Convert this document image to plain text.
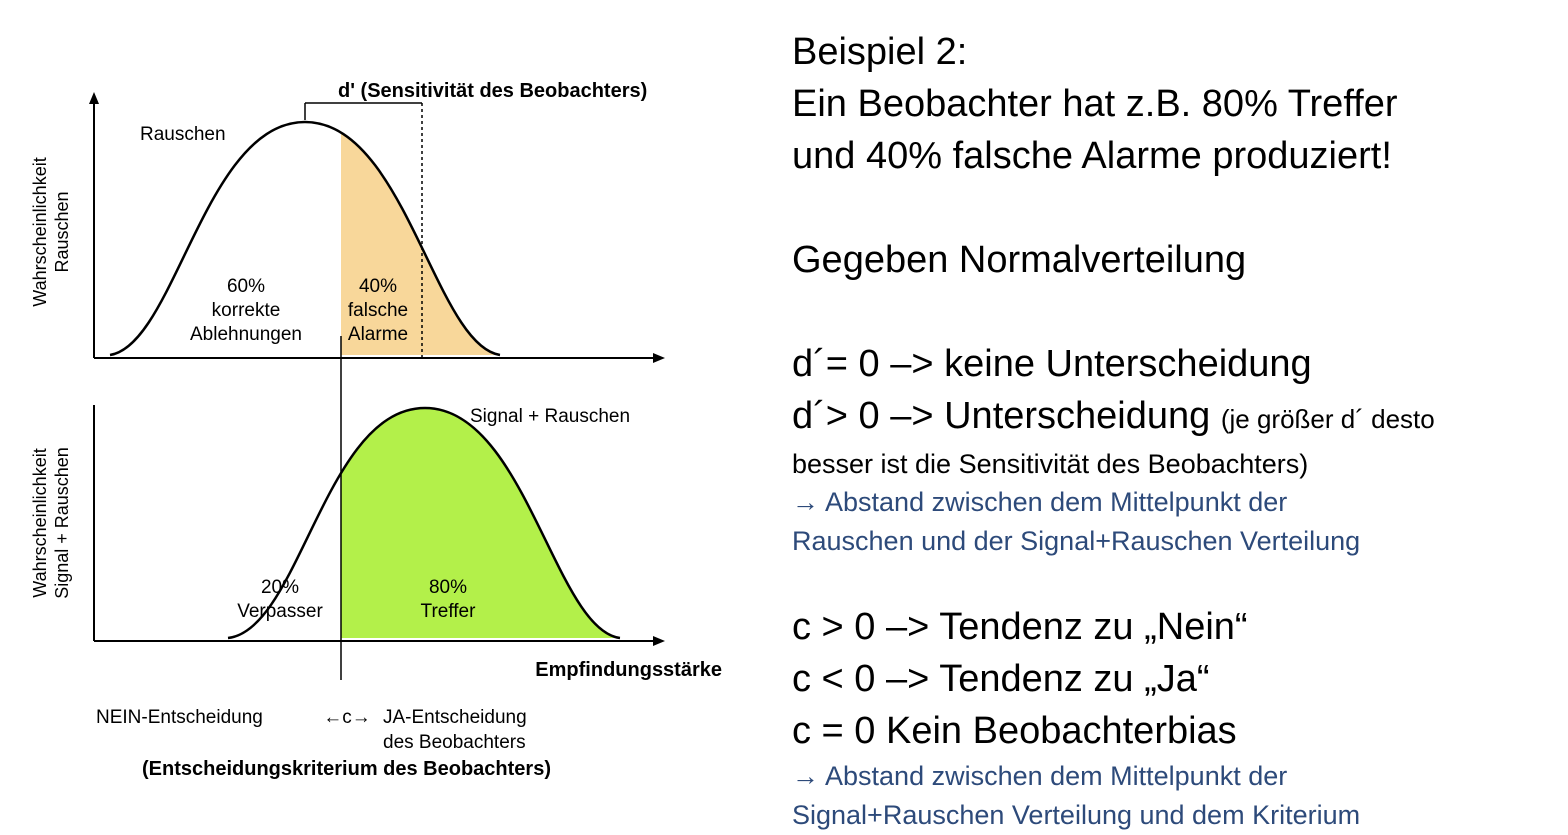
Rauschen
d' (Sensitivität des Beobachters)
Wahrscheinlichkeit Rauschen
60%
korrekte
Ablehnungen
40%
falsche
Alarme
Signal + Rauschen
Wahrscheinlichkeit Signal + Rauschen	20%
Verpasser
80%
Treffer
Empfindungsstärke
NEIN-Entscheidung	←c→ JA-Entscheidung
des Beobachters
(Entscheidungskriterium des Beobachters)
Beispiel 2:
Ein Beobachter hat z.B. 80% Treffer
und 40% falsche Alarme produziert!
Gegeben Normalverteilung
d´= 0 –> keine Unterscheidung
d´> 0 –> Unterscheidung (je größer d´ desto
besser ist die Sensitivität des Beobachters)
→ Abstand zwischen dem Mittelpunkt der
Rauschen und der Signal+Rauschen Verteilung
c > 0 –> Tendenz zu „Nein“
c < 0 –> Tendenz zu „Ja“
c = 0 Kein Beobachterbias
→ Abstand zwischen dem Mittelpunkt der
Signal+Rauschen Verteilung und dem Kriterium
